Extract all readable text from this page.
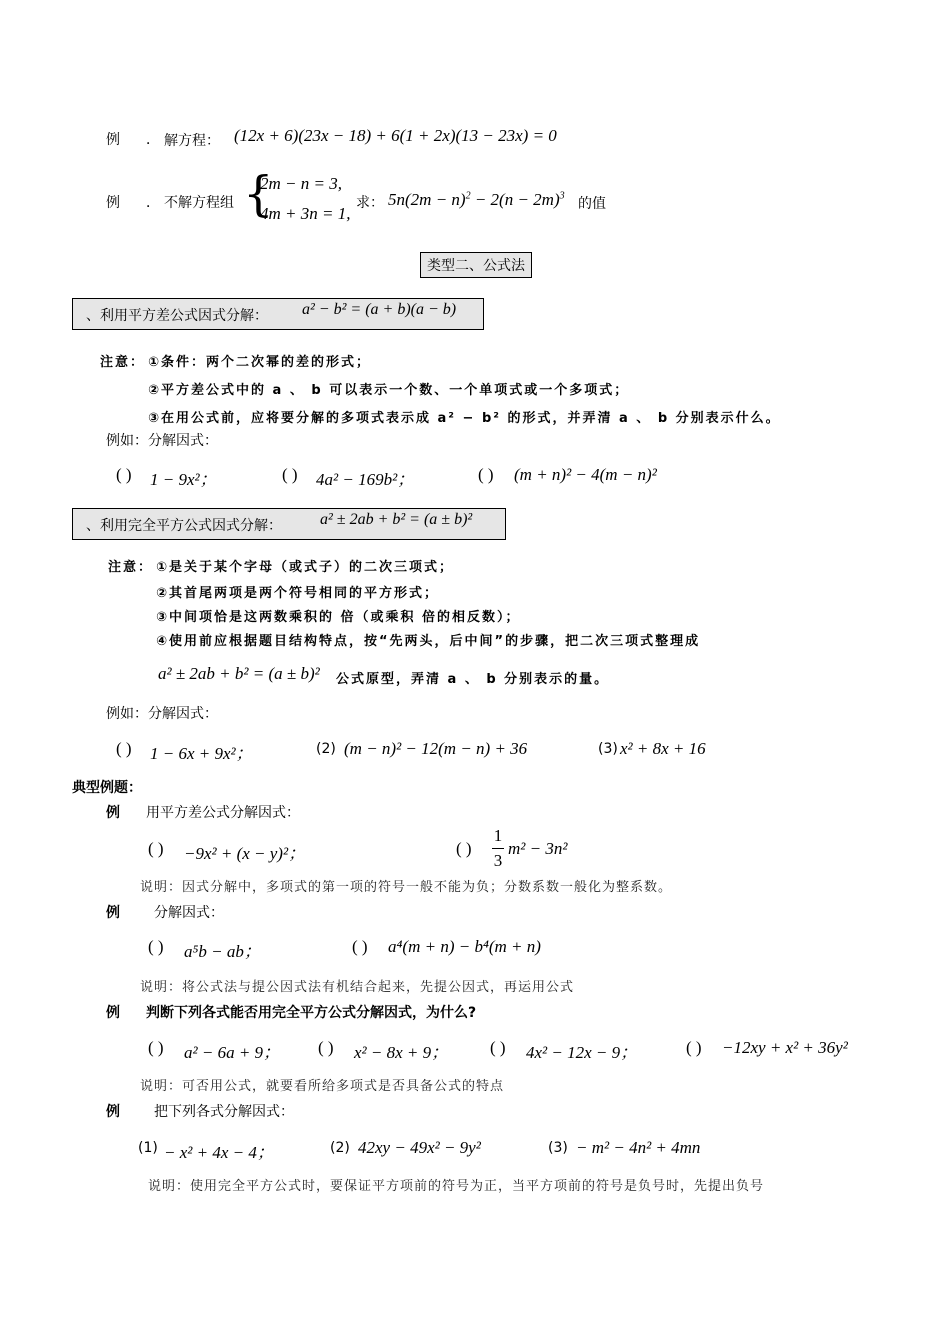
例 ． 解方程： (12x + 6)(23x − 18) + 6(1 + 2x)(13 − 23x) = 0
例 ． 不解方程组 {
2m − n = 3,
4m + 3n = 1,
求： $5n(2m - n)^2 - 2(n - 2m)^3$
的值
类型二、公式法
、利用平方差公式因式分解： a² − b² = (a + b)(a − b)
注意： ①条件：两个二次幂的差的形式；
②平方差公式中的 a 、 b 可以表示一个数、一个单项式或一个多项式；
③在用公式前，应将要分解的多项式表示成 a² − b² 的形式，并弄清 a 、 b 分别表示什么。
例如：分解因式：
( ) 1 − 9x²；	( ) 4a² − 169b²；	( ) (m + n)² − 4(m − n)²
、利用完全平方公式因式分解： a² ± 2ab + b² = (a ± b)²
注意： ①是关于某个字母（或式子）的二次三项式；
②其首尾两项是两个符号相同的平方形式；
③中间项恰是这两数乘积的 倍（或乘积 倍的相反数）；
④使用前应根据题目结构特点，按“先两头，后中间”的步骤，把二次三项式整理成
a² ± 2ab + b² = (a ± b)² 公式原型，弄清 a 、 b 分别表示的量。
例如：分解因式：
( ) 1 − 6x + 9x²；	(2) (m − n)² − 12(m − n) + 36	(3) x² + 8x + 16
典型例题：
例 用平方差公式分解因式：
( ) −9x² + (x − y)²；	( )
1
3
m² − 3n²
说明：因式分解中，多项式的第一项的符号一般不能为负；分数系数一般化为整系数。
例 分解因式：
( ) a⁵b − ab；	( ) a⁴(m + n) − b⁴(m + n)
说明：将公式法与提公因式法有机结合起来，先提公因式，再运用公式
例 判断下列各式能否用完全平方公式分解因式，为什么?
( ) a² − 6a + 9； ( ) x² − 8x + 9； ( ) 4x² − 12x − 9；	( ) −12xy + x² + 36y²
说明：可否用公式，就要看所给多项式是否具备公式的特点
例 把下列各式分解因式：
(1) − x² + 4x − 4；	(2) 42xy − 49x² − 9y²	(3) − m² − 4n² + 4mn
说明：使用完全平方公式时，要保证平方项前的符号为正，当平方项前的符号是负号时，先提出负号
